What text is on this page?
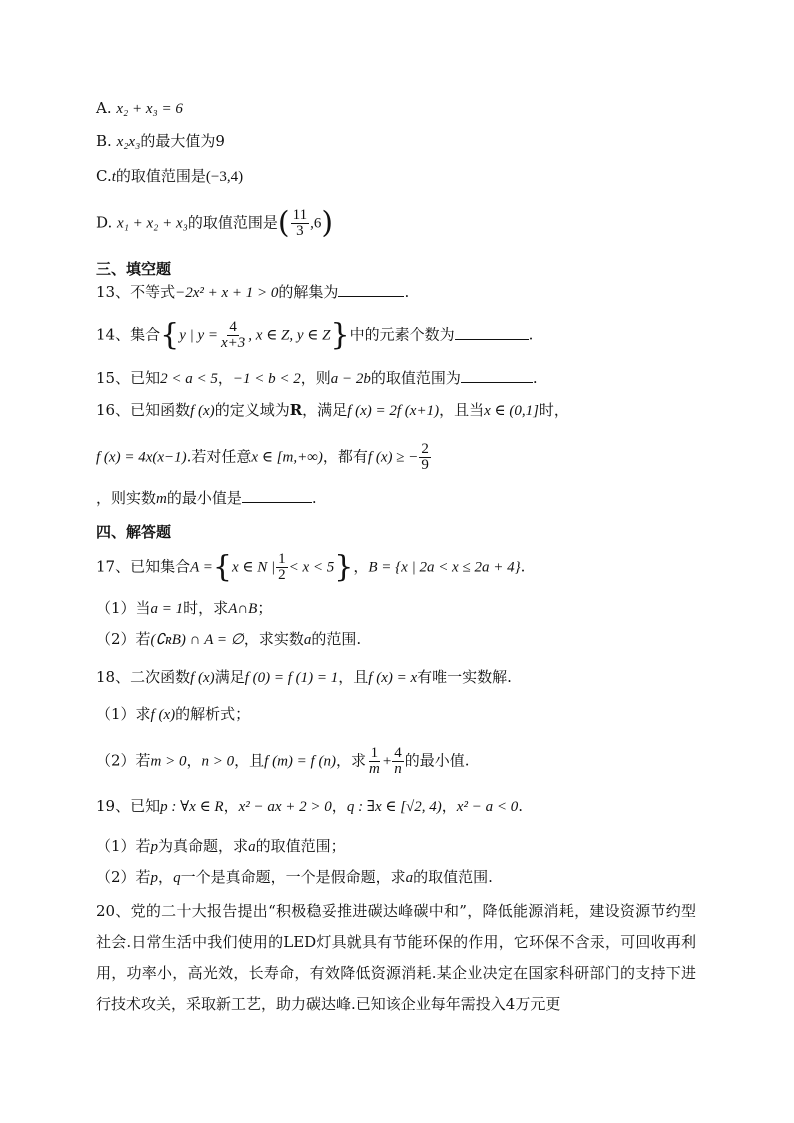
A. x₂ + x₃ = 6
B. x₂x₃的最大值为9
C.t的取值范围是(−3,4)
D. x₁ + x₂ + x₃的取值范围是( $\frac{11}{3} ,6$)
三、填空题
13、不等式−2x² + x + 1 > 0的解集为	.
14、集合{y | $y = \frac{4}{x+3}$ , x ∈ Z, y ∈ Z}中的元素个数为	.
15、已知2 < a < 5，−1 < b < 2，则a − 2b的取值范围为	.
16、已知函数f (x)的定义域为R，满足f (x) = 2f (x+1)，且当x ∈ (0,1]时，
f (x) = 4x(x−1).若对任意x ∈ [m,+∞)，都有f (x) ≥ − $\frac{2}{9}$
，则实数m的最小值是	.
四、解答题
17、已知集合A ={x ∈ N | $\frac{1}{2} < x < 5$}，B = {x | 2a < x ≤ 2a + 4}.
（1）当a = 1时，求A∩B；
（2）若(∁ʀB) ∩ A = ∅，求实数a的范围.
18、二次函数f (x)满足f (0) = f (1) = 1，且f (x) = x有唯一实数解.
（1）求f (x)的解析式；
（2）若m > 0，n > 0，且f (m) = f (n)，求 $\frac{1}{m} + \frac{4}{n}$ 的最小值.
19、已知p : ∀x ∈ R，x² − ax + 2 > 0，q : ∃x ∈ [√2, 4)，x² − a < 0.
（1）若p为真命题，求a的取值范围；
（2）若p，q一个是真命题，一个是假命题，求a的取值范围.
20、党的二十大报告提出“积极稳妥推进碳达峰碳中和”，降低能源消耗，建设资源节约型社会.日常生活中我们使用的LED灯具就具有节能环保的作用，它环保不含汞，可回收再利用，功率小，高光效，长寿命，有效降低资源消耗.某企业决定在国家科研部门的支持下进行技术攻关，采取新工艺，助力碳达峰.已知该企业每年需投入4万元更
